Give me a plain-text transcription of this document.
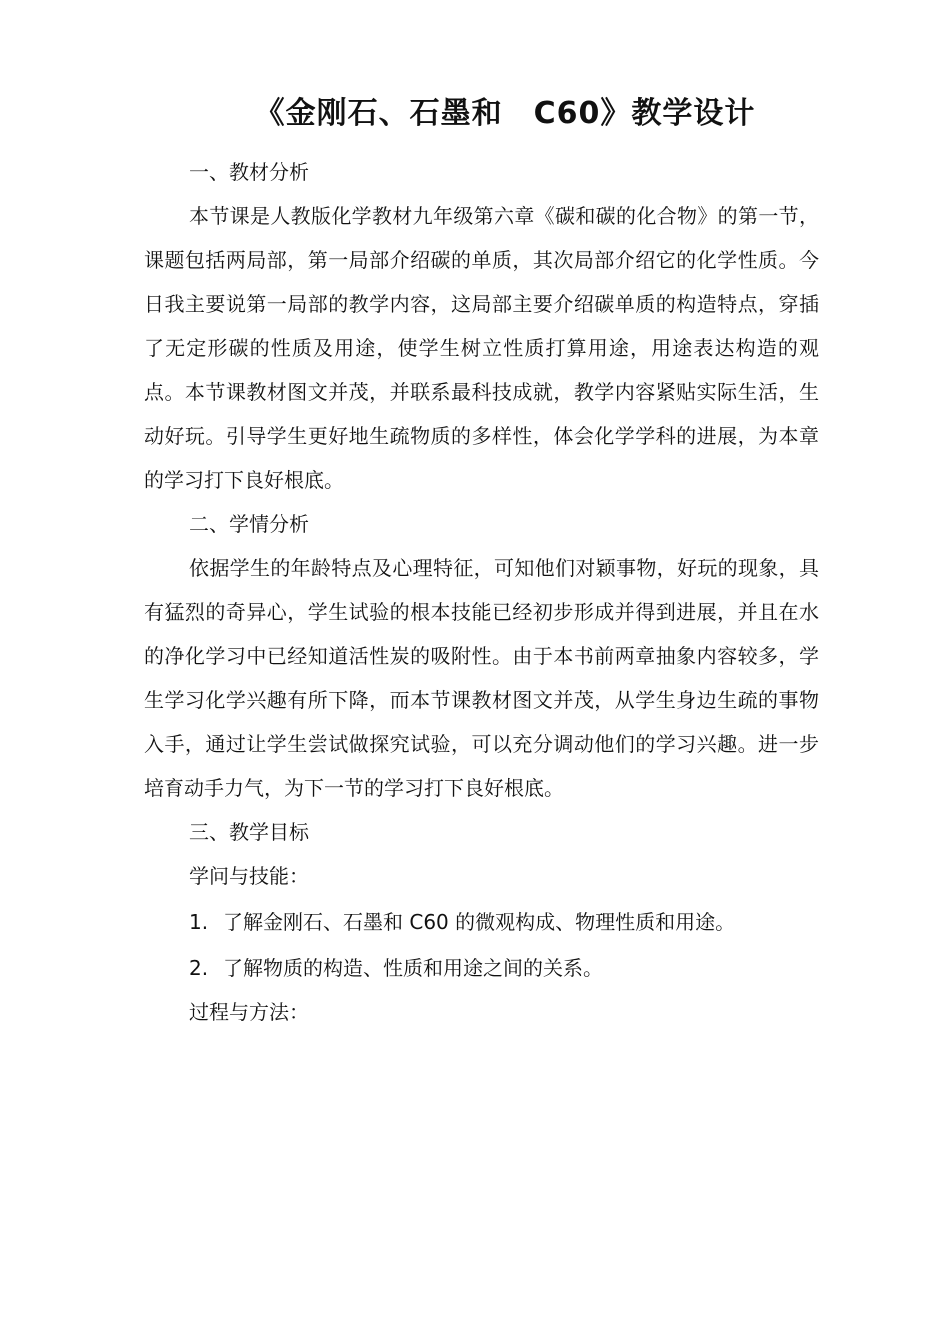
《金刚石、石墨和　C60》教学设计
一、教材分析

本节课是人教版化学教材九年级第六章《碳和碳的化合物》的第一节，课题包括两局部，第一局部介绍碳的单质，其次局部介绍它的化学性质。今日我主要说第一局部的教学内容，这局部主要介绍碳单质的构造特点，穿插了无定形碳的性质及用途，使学生树立性质打算用途，用途表达构造的观点。本节课教材图文并茂，并联系最科技成就，教学内容紧贴实际生活，生动好玩。引导学生更好地生疏物质的多样性，体会化学学科的进展，为本章的学习打下良好根底。

二、学情分析

依据学生的年龄特点及心理特征，可知他们对颖事物，好玩的现象，具有猛烈的奇异心，学生试验的根本技能已经初步形成并得到进展，并且在水的净化学习中已经知道活性炭的吸附性。由于本书前两章抽象内容较多，学生学习化学兴趣有所下降，而本节课教材图文并茂，从学生身边生疏的事物入手，通过让学生尝试做探究试验，可以充分调动他们的学习兴趣。进一步培育动手力气，为下一节的学习打下良好根底。

三、教学目标
学问与技能：
1. 了解金刚石、石墨和 C60 的微观构成、物理性质和用途。
2. 了解物质的构造、性质和用途之间的关系。
过程与方法：
